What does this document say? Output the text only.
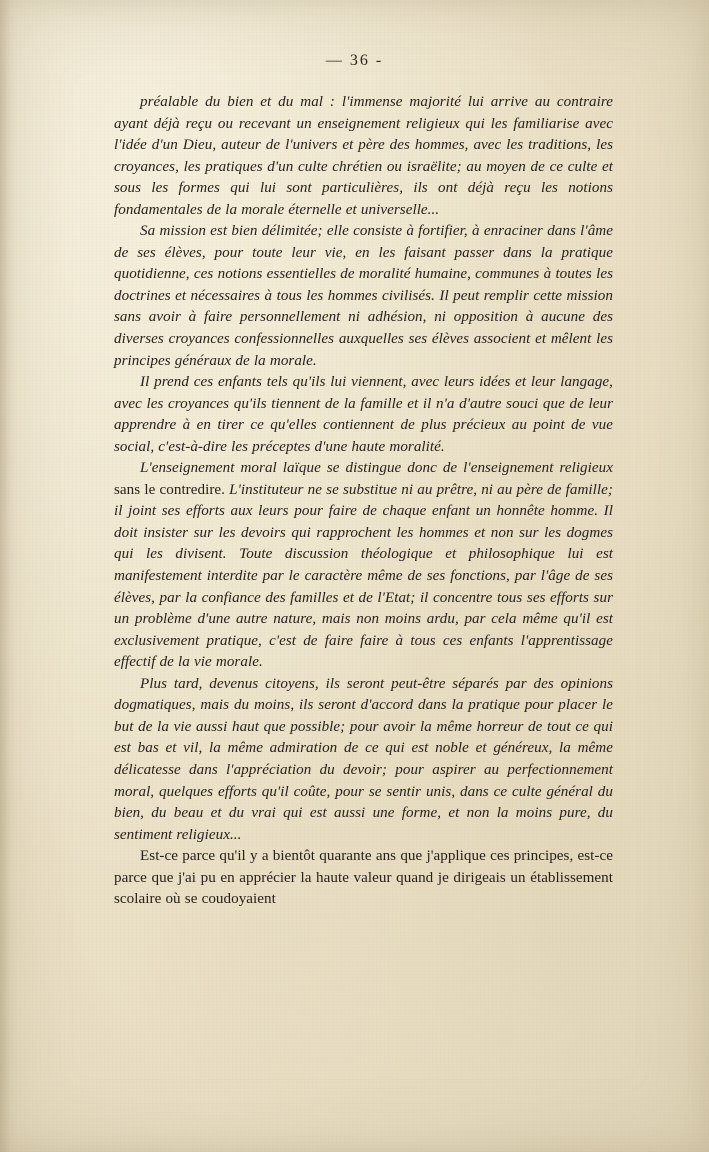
— 36 -

préalable du bien et du mal : l'immense majorité lui arrive au contraire ayant déjà reçu ou recevant un enseignement religieux qui les familiarise avec l'idée d'un Dieu, auteur de l'univers et père des hommes, avec les traditions, les croyances, les pratiques d'un culte chrétien ou israëlite; au moyen de ce culte et sous les formes qui lui sont particulières, ils ont déjà reçu les notions fondamentales de la morale éternelle et universelle...

Sa mission est bien délimitée; elle consiste à fortifier, à enraciner dans l'âme de ses élèves, pour toute leur vie, en les faisant passer dans la pratique quotidienne, ces notions essentielles de moralité humaine, communes à toutes les doctrines et nécessaires à tous les hommes civilisés. Il peut remplir cette mission sans avoir à faire personnellement ni adhésion, ni opposition à aucune des diverses croyances confessionnelles auxquelles ses élèves associent et mêlent les principes généraux de la morale.

Il prend ces enfants tels qu'ils lui viennent, avec leurs idées et leur langage, avec les croyances qu'ils tiennent de la famille et il n'a d'autre souci que de leur apprendre à en tirer ce qu'elles contiennent de plus précieux au point de vue social, c'est-à-dire les préceptes d'une haute moralité.

L'enseignement moral laïque se distingue donc de l'enseignement religieux sans le contredire. L'instituteur ne se substitue ni au prêtre, ni au père de famille; il joint ses efforts aux leurs pour faire de chaque enfant un honnête homme. Il doit insister sur les devoirs qui rapprochent les hommes et non sur les dogmes qui les divisent. Toute discussion théologique et philosophique lui est manifestement interdite par le caractère même de ses fonctions, par l'âge de ses élèves, par la confiance des familles et de l'Etat; il concentre tous ses efforts sur un problème d'une autre nature, mais non moins ardu, par cela même qu'il est exclusivement pratique, c'est de faire faire à tous ces enfants l'apprentissage effectif de la vie morale.

Plus tard, devenus citoyens, ils seront peut-être séparés par des opinions dogmatiques, mais du moins, ils seront d'accord dans la pratique pour placer le but de la vie aussi haut que possible; pour avoir la même horreur de tout ce qui est bas et vil, la même admiration de ce qui est noble et généreux, la même délicatesse dans l'appréciation du devoir; pour aspirer au perfectionnement moral, quelques efforts qu'il coûte, pour se sentir unis, dans ce culte général du bien, du beau et du vrai qui est aussi une forme, et non la moins pure, du sentiment religieux...

Est-ce parce qu'il y a bientôt quarante ans que j'applique ces principes, est-ce parce que j'ai pu en apprécier la haute valeur quand je dirigeais un établissement scolaire où se coudoyaient
